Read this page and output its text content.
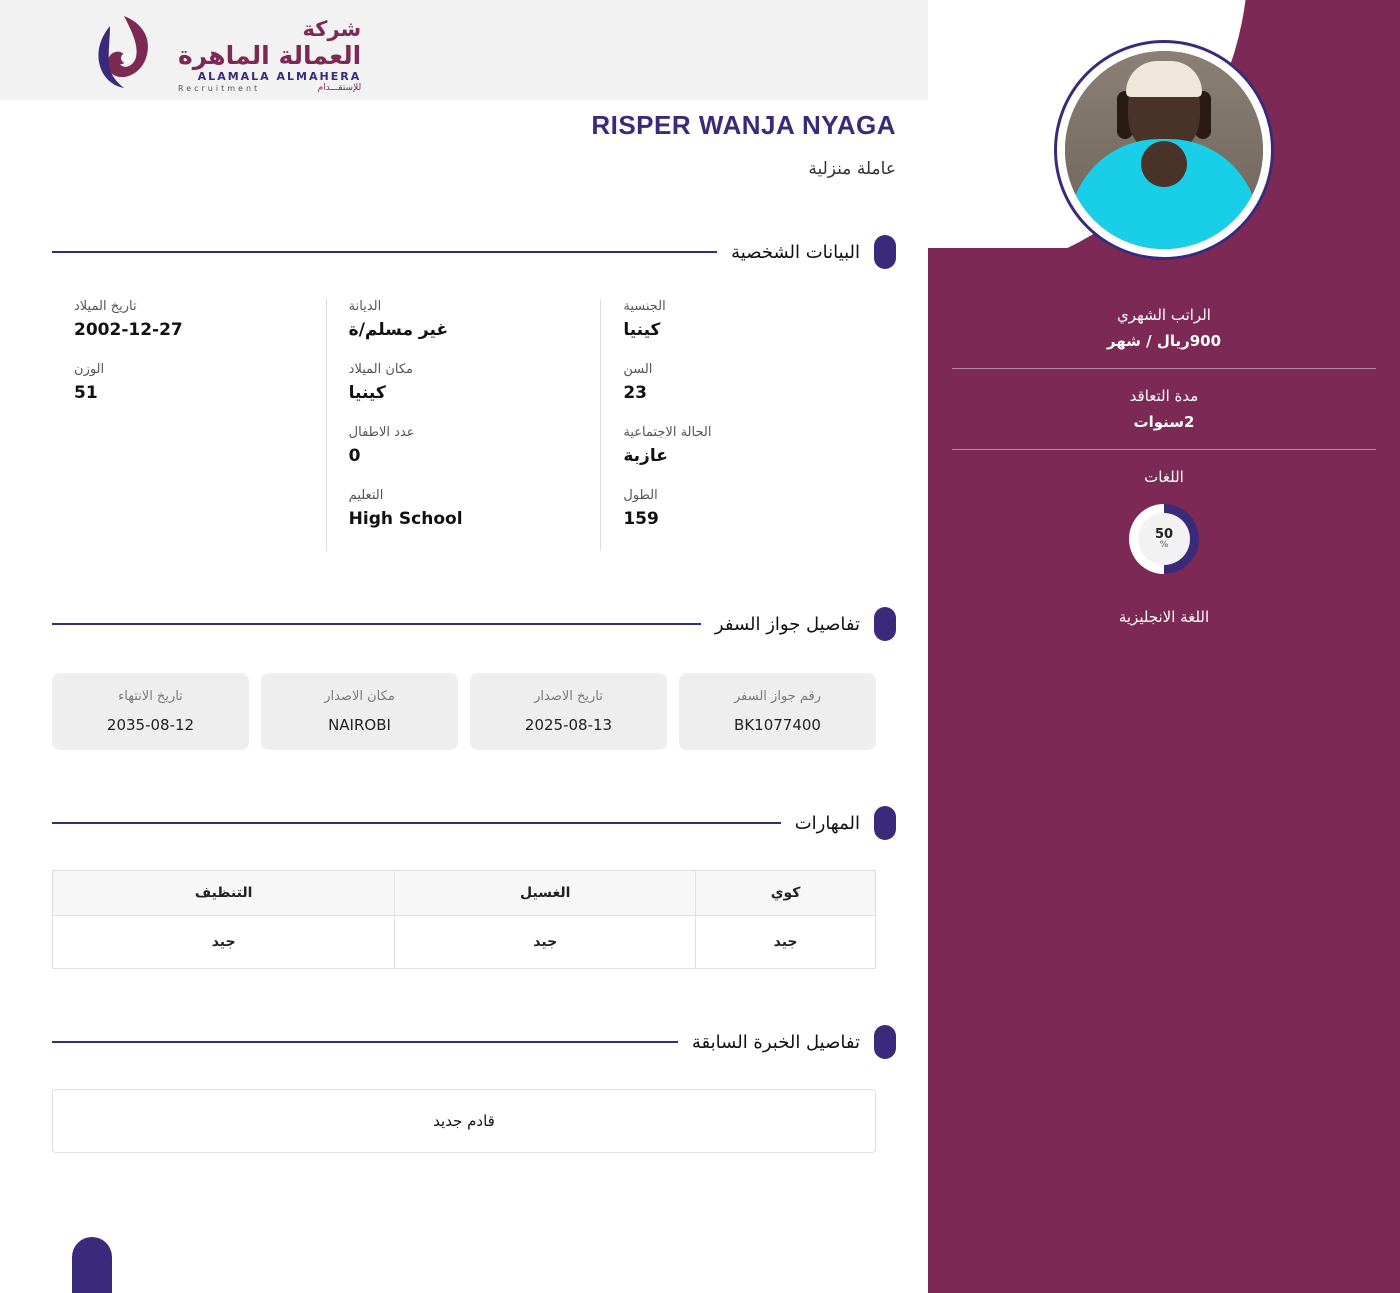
الراتب الشهري
900ريال / شهر
مدة التعاقد
2سنوات
اللغات
50
%
اللغة الانجليزية
شركة
العمالة الماهرة
ALAMALA ALMAHERA
للإستقـــدام
Recruitment
RISPER WANJA NYAGA
عاملة منزلية
البيانات الشخصية
الجنسية
كينيا
السن
23
الحالة الاجتماعية
عازبة
الطول
159
الديانة
غير مسلم/ة
مكان الميلاد
كينيا
عدد الاطفال
0
التعليم
High School
تاريخ الميلاد
2002-12-27
الوزن
51
تفاصيل جواز السفر
رقم جواز السفر
BK1077400
تاريخ الاصدار
2025-08-13
مكان الاصدار
NAIROBI
تاريخ الانتهاء
2035-08-12
المهارات
كوي	الغسيل	التنظيف
جيد	جيد	جيد
تفاصيل الخبرة السابقة
قادم جديد
